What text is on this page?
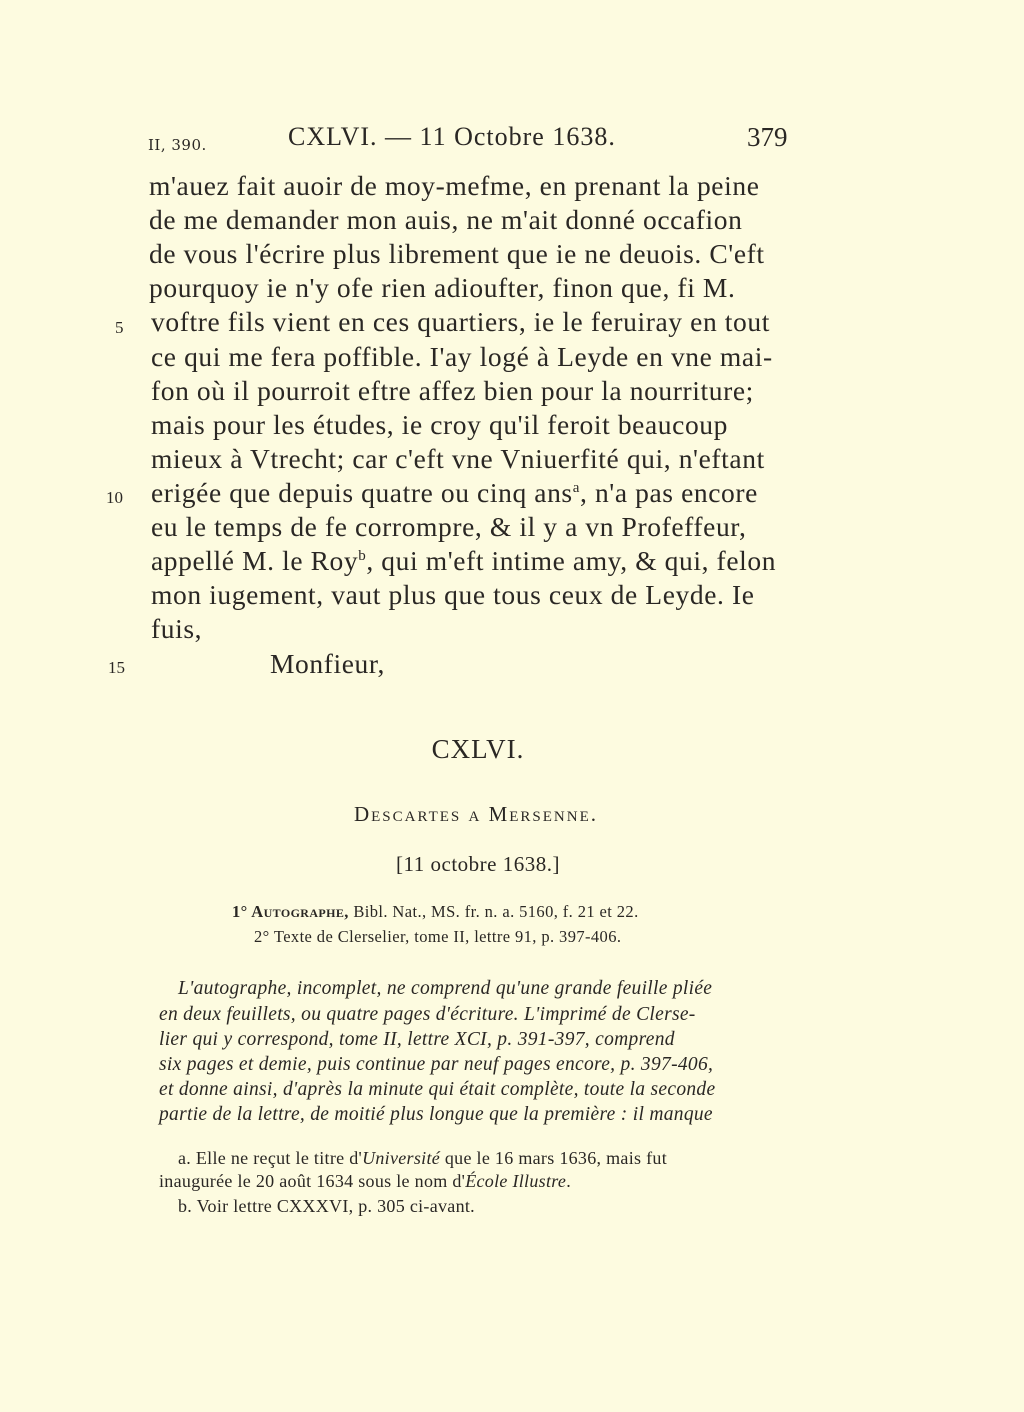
II, 390.	CXLVI. — 11 Octobre 1638.	379
m'auez fait auoir de moy-mefme, en prenant la peine
de me demander mon auis, ne m'ait donné occafion
de vous l'écrire plus librement que ie ne deuois. C'eft
pourquoy ie n'y ofe rien adioufter, finon que, fi M.
5 voftre fils vient en ces quartiers, ie le feruiray en tout
ce qui me fera poffible. I'ay logé à Leyde en vne mai-
fon où il pourroit eftre affez bien pour la nourriture;
mais pour les études, ie croy qu'il feroit beaucoup
mieux à Vtrecht; car c'eft vne Vniuerfité qui, n'eftant
10 erigée que depuis quatre ou cinq ans$^a$, n'a pas encore
eu le temps de fe corrompre, & il y a vn Profeffeur,
appellé M. le Roy$^b$, qui m'eft intime amy, & qui, felon
mon iugement, vaut plus que tous ceux de Leyde. Ie
fuis,
15	Monfieur,
CXLVI.
Descartes a Mersenne.
[11 octobre 1638.]
1° Autographe, Bibl. Nat., MS. fr. n. a. 5160, f. 21 et 22.
2° Texte de Clerselier, tome II, lettre 91, p. 397-406.
L'autographe, incomplet, ne comprend qu'une grande feuille pliée
en deux feuillets, ou quatre pages d'écriture. L'imprimé de Clerse-
lier qui y correspond, tome II, lettre XCI, p. 391-397, comprend
six pages et demie, puis continue par neuf pages encore, p. 397-406,
et donne ainsi, d'après la minute qui était complète, toute la seconde
partie de la lettre, de moitié plus longue que la première : il manque
a. Elle ne reçut le titre d'Université que le 16 mars 1636, mais fut
inaugurée le 20 août 1634 sous le nom d'École Illustre.
b. Voir lettre CXXXVI, p. 305 ci-avant.
